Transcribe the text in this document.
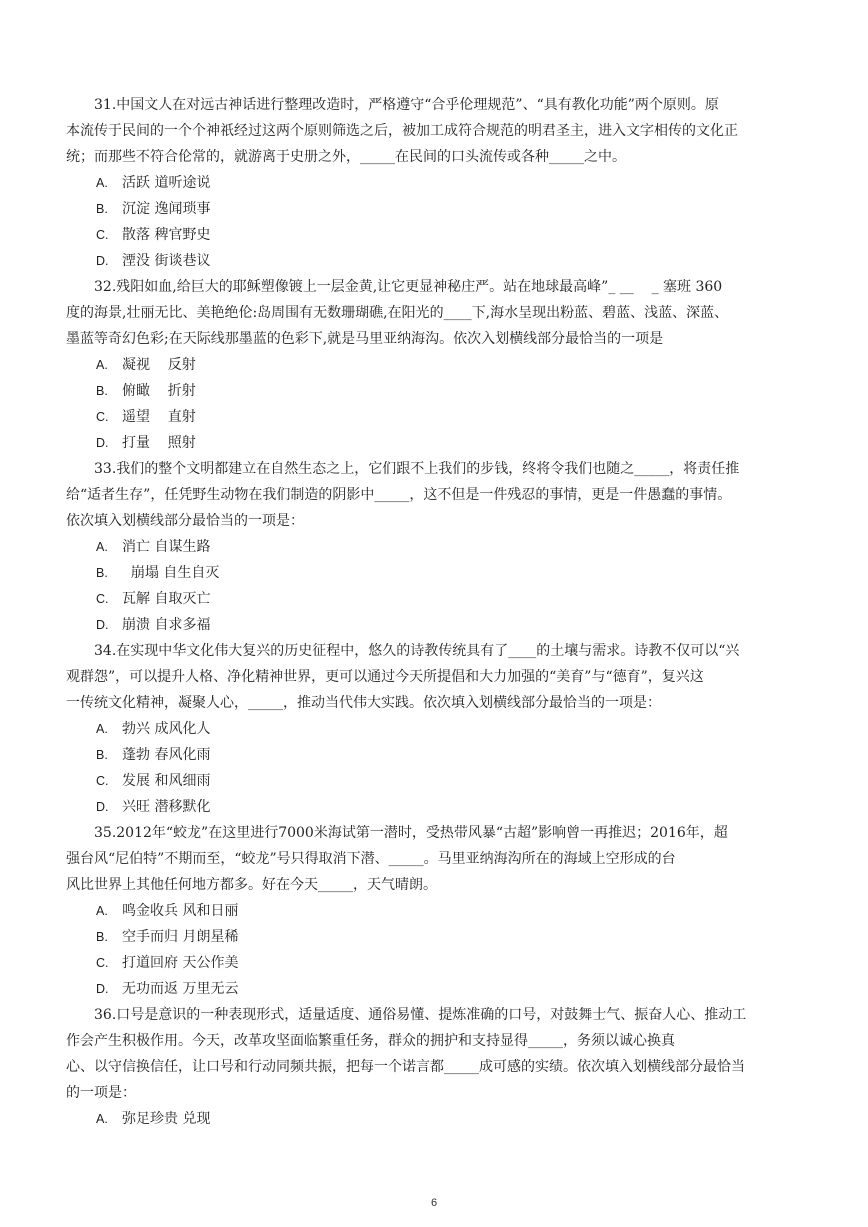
31.中国文人在对远古神话进行整理改造时，严格遵守“合乎伦理规范”、“具有教化功能”两个原则。原
本流传于民间的一个个神祇经过这两个原则筛选之后，被加工成符合规范的明君圣主，进入文字相传的文化正
统；而那些不符合伦常的，就游离于史册之外，_____在民间的口头流传或各种_____之中。

A. 活跃 道听途说
B. 沉淀 逸闻琐事
C. 散落 稗官野史
D. 湮没 街谈巷议

32.残阳如血,给巨大的耶稣塑像镀上一层金黄,让它更显神秘庄严。站在地球最高峰”_ __    _ 塞班 360
度的海景,壮丽无比、美艳绝伦:岛周围有无数珊瑚礁,在阳光的____下,海水呈现出粉蓝、碧蓝、浅蓝、深蓝、
墨蓝等奇幻色彩;在天际线那墨蓝的色彩下,就是马里亚纳海沟。依次入划横线部分最恰当的一项是

A. 凝视    反射
B. 俯瞰    折射
C. 遥望    直射
D. 打量    照射

33.我们的整个文明都建立在自然生态之上，它们跟不上我们的步钱，终将令我们也随之_____，将责任推
给“适者生存”，任凭野生动物在我们制造的阴影中_____，这不但是一件残忍的事情，更是一件愚蠢的事情。
依次填入划横线部分最恰当的一项是：

A. 消亡 自谋生路
B.  崩塌 自生自灭
C. 瓦解 自取灭亡
D. 崩溃 自求多福

34.在实现中华文化伟大复兴的历史征程中，悠久的诗教传统具有了____的土壤与需求。诗教不仅可以“兴
观群怨”，可以提升人格、净化精神世界，更可以通过今天所提倡和大力加强的“美育”与“德育”，复兴这
一传统文化精神，凝聚人心，_____，推动当代伟大实践。依次填入划横线部分最恰当的一项是：

A. 勃兴 成风化人
B. 蓬勃 春风化雨
C. 发展 和风细雨
D. 兴旺 潜移默化

35.2012年“蛟龙”在这里进行7000米海试第一潜时，受热带风暴“古超”影响曾一再推迟；2016年，超
强台风“尼伯特”不期而至，“蛟龙”号只得取消下潜、_____。马里亚纳海沟所在的海域上空形成的台
风比世界上其他任何地方都多。好在今天_____，天气晴朗。

A. 鸣金收兵 风和日丽
B. 空手而归 月朗星稀
C. 打道回府 天公作美
D. 无功而返 万里无云

36.口号是意识的一种表现形式，适量适度、通俗易懂、提炼准确的口号，对鼓舞士气、振奋人心、推动工
作会产生积极作用。今天，改革攻坚面临繁重任务，群众的拥护和支持显得_____，务须以诚心换真
心、以守信换信任，让口号和行动同频共振，把每一个诺言都_____成可感的实绩。依次填入划横线部分最恰当
的一项是：

A. 弥足珍贵 兑现
6
